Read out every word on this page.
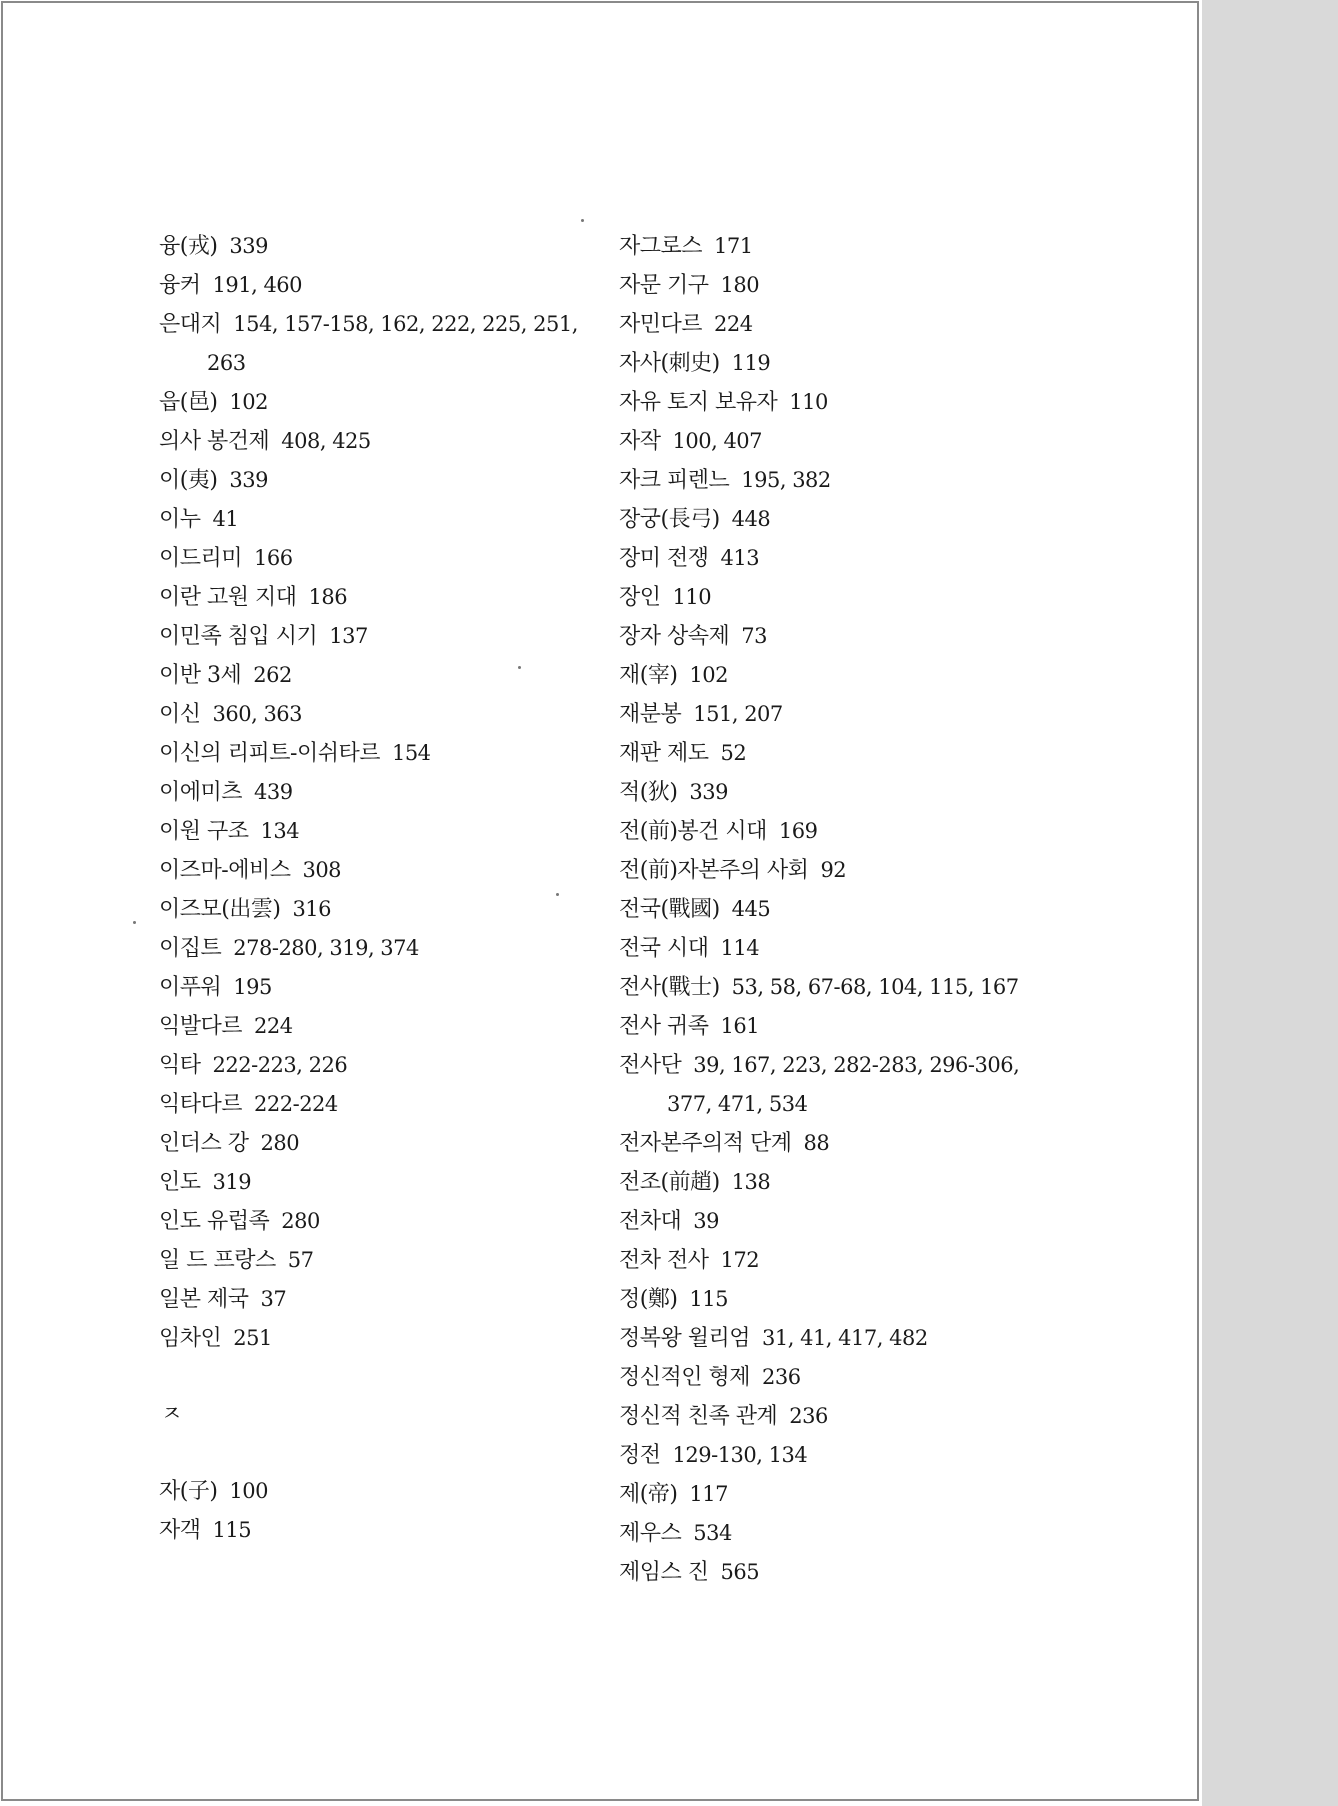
융(戎) 339
융커 191, 460
은대지 154, 157-158, 162, 222, 225, 251,
263
읍(邑) 102
의사 봉건제 408, 425
이(夷) 339
이누 41
이드리미 166
이란 고원 지대 186
이민족 침입 시기 137
이반 3세 262
이신 360, 363
이신의 리피트-이쉬타르 154
이에미츠 439
이원 구조 134
이즈마-에비스 308
이즈모(出雲) 316
이집트 278-280, 319, 374
이푸워 195
익발다르 224
익타 222-223, 226
익타다르 222-224
인더스 강 280
인도 319
인도 유럽족 280
일 드 프랑스 57
일본 제국 37
임차인 251
ㅈ
자(子) 100
자객 115
자그로스 171
자문 기구 180
자민다르 224
자사(刺史) 119
자유 토지 보유자 110
자작 100, 407
자크 피렌느 195, 382
장궁(長弓) 448
장미 전쟁 413
장인 110
장자 상속제 73
재(宰) 102
재분봉 151, 207
재판 제도 52
적(狄) 339
전(前)봉건 시대 169
전(前)자본주의 사회 92
전국(戰國) 445
전국 시대 114
전사(戰士) 53, 58, 67-68, 104, 115, 167
전사 귀족 161
전사단 39, 167, 223, 282-283, 296-306,
377, 471, 534
전자본주의적 단계 88
전조(前趙) 138
전차대 39
전차 전사 172
정(鄭) 115
정복왕 윌리엄 31, 41, 417, 482
정신적인 형제 236
정신적 친족 관계 236
정전 129-130, 134
제(帝) 117
제우스 534
제임스 진 565
